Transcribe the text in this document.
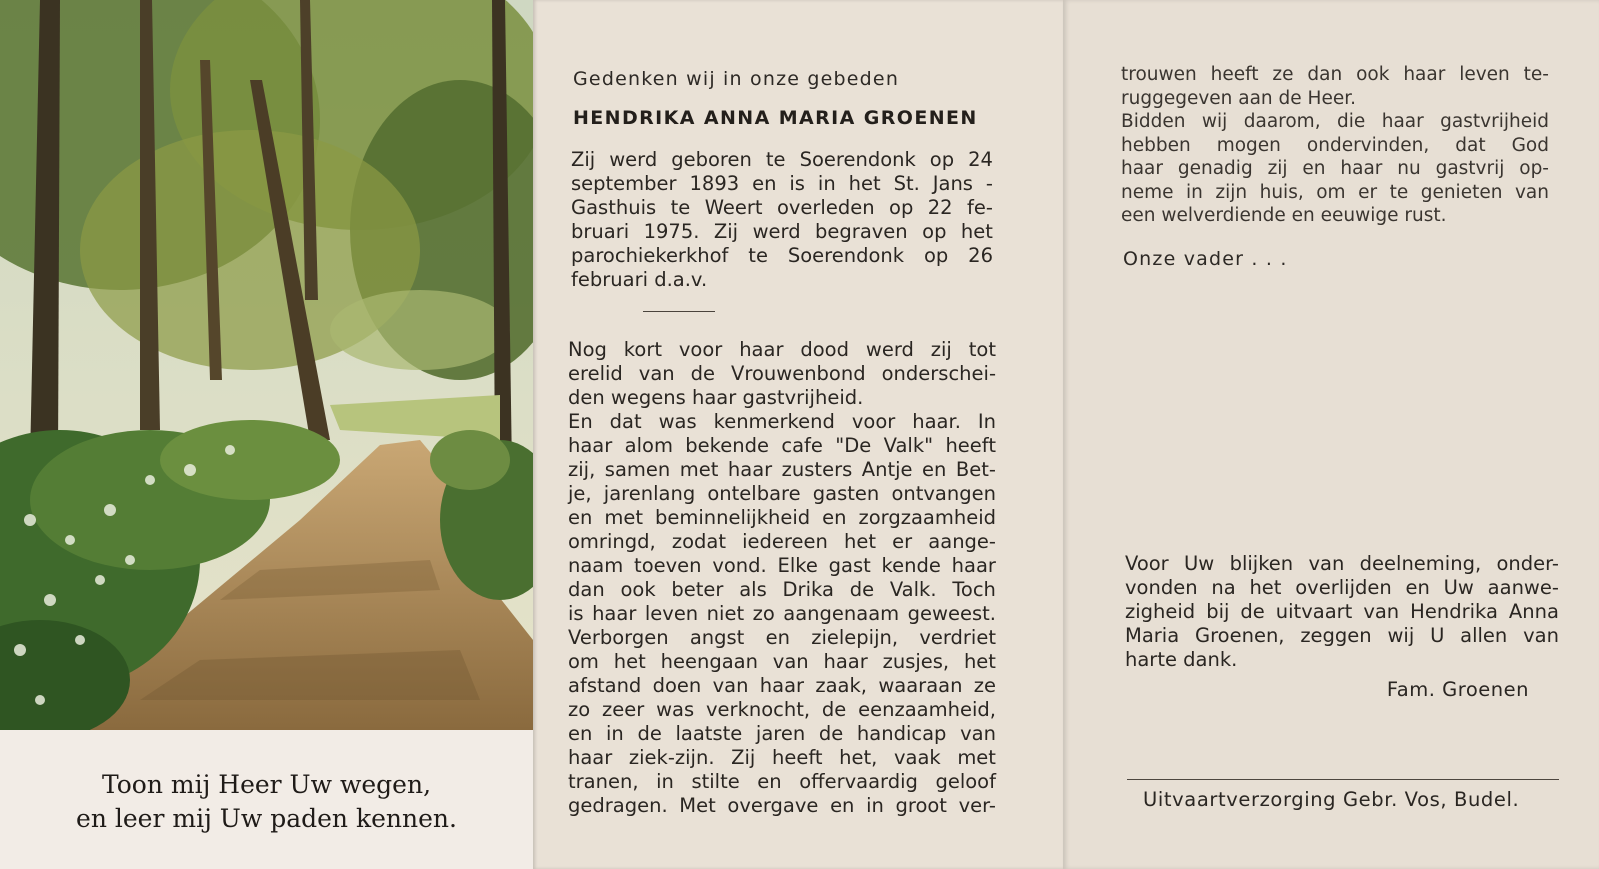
Toon mij Heer Uw wegen,
en leer mij Uw paden kennen.
Gedenken wij in onze gebeden
HENDRIKA ANNA MARIA GROENEN
Zij werd geboren te Soerendonk op 24
september 1893 en is in het St. Jans -
Gasthuis te Weert overleden op 22 fe-
bruari 1975. Zij werd begraven op het
parochiekerkhof te Soerendonk op 26
februari d.a.v.
Nog kort voor haar dood werd zij tot
erelid van de Vrouwenbond onderschei-
den wegens haar gastvrijheid.
En dat was kenmerkend voor haar. In
haar alom bekende cafe "De Valk" heeft
zij, samen met haar zusters Antje en Bet-
je, jarenlang ontelbare gasten ontvangen
en met beminnelijkheid en zorgzaamheid
omringd, zodat iedereen het er aange-
naam toeven vond. Elke gast kende haar
dan ook beter als Drika de Valk. Toch
is haar leven niet zo aangenaam geweest.
Verborgen angst en zielepijn, verdriet
om het heengaan van haar zusjes, het
afstand doen van haar zaak, waaraan ze
zo zeer was verknocht, de eenzaamheid,
en in de laatste jaren de handicap van
haar ziek-zijn. Zij heeft het, vaak met
tranen, in stilte en offervaardig geloof
gedragen. Met overgave en in groot ver-
trouwen heeft ze dan ook haar leven te-
ruggegeven aan de Heer.
Bidden wij daarom, die haar gastvrijheid
hebben mogen ondervinden, dat God
haar genadig zij en haar nu gastvrij op-
neme in zijn huis, om er te genieten van
een welverdiende en eeuwige rust.
Onze vader . . .
Voor Uw blijken van deelneming, onder-
vonden na het overlijden en Uw aanwe-
zigheid bij de uitvaart van Hendrika Anna
Maria Groenen, zeggen wij U allen van
harte dank.
Fam. Groenen
Uitvaartverzorging Gebr. Vos, Budel.
